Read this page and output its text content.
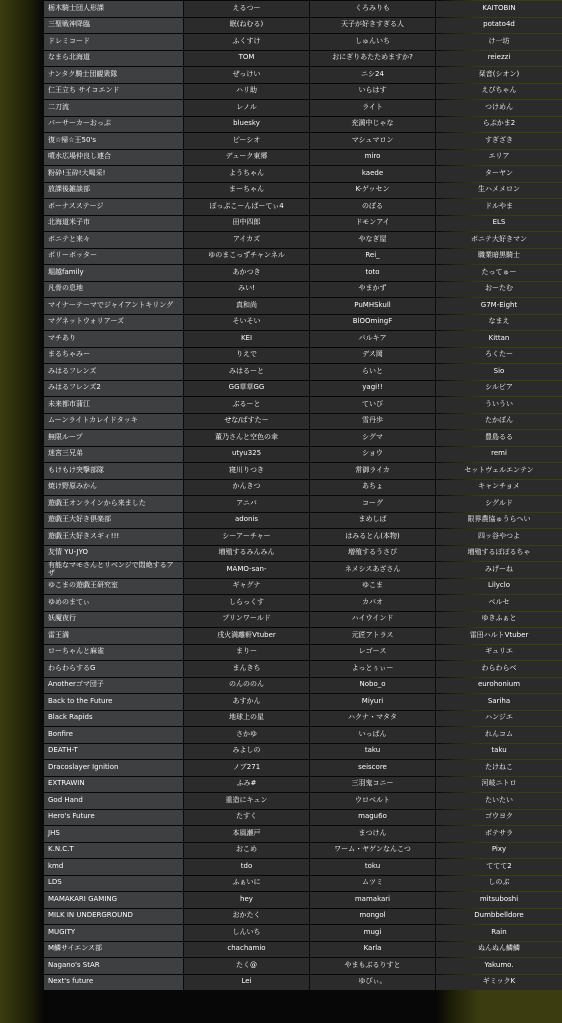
栃木騎士団人形課	えるつー	くろみりも	KAITOBIN
三聖戦神降臨	眠(ねむる)	天子が好きすぎる人	potato4d
ドレミコード	ふくすけ	しゅんいち	け一坊
なまら北海道	TOM	おにぎりあたためますか?	reiezzi
ナンタク騎士団観衆隊	ぜっけい	ニシ24	栞音(シオン)
仁王立ち サイコエンド	ハリ助	いらはす	えびちゃん
二刀流	レノル	ライト	つけめん
パーサーカーおっぷ	bluesky	充満中じゃな	らぷかま2
復☆帰☆王50's	ピーシオ	マシュマロン	すぎざき
噴水広場仲良し連合	デューク東郷	miro	エリア
粉砕!玉砕!大喝采!	ようちゃん	kaede	ターヤン
放課後雑談部	まーちゃん	K-ゲッセン	生ハメメロン
ボーナスステージ	ぽっぷこーんぱーてぃ4	のぼる	ドルやま
北海道米子市	田中四郎	ドモンアイ	ELS
ボニテと来々	アイカズ	やなぎ屋	ボニテ大好きマン
ポリーボッター	ゆのまこっずチャンネル	Rei_	職業暗黒騎士
堀越family	あかつき	toto	たってゅー
凡骨の息地	みい!	やまかず	おーたむ
マイナーテーマでジャイアントキリング	真和尚	PuMHSkull	G7M-Eight
マグネットウォリアーズ	そいそい	BlOOmingF	なまえ
マチあり	KEI	バルキア	Kittan
まるちゃみー	りえで	デス岡	ろくたー
みはるフレンズ	みはるーと	らいと	Sio
みはるフレンズ2	GG草草GG	yagi!!	シルビア
未来都市蒲江	ぶるーと	ていび	ういうい
ムーンライトカレイドタッキ	せな/ぱすたー	雪丹歩	たかぼん
無限ループ	董乃さんと空色の傘	シグマ	豊島るる
迷宮三兄弟	utyu325	ショウ	remi
もけもけ突撃部隊	寝川りつき	常御ライカ	セットヴェルエンテン
焼け野原みかん	かんきつ	あちょ	キャンチョメ
遊戯王オンラインから来ました	アニバ	コーグ	シグルド
遊戯王大好き倶楽部	adonis	まめしば	限界農協ゅうらへい
遊戯王大好きスギィ!!!	シーアーチャー	はみるとん(本物)	四ッ谷やつよ
友情 YU-JYO	増殖するみんみん	増殖するうさぴ	増殖するぽぽるちゃ
有能なマモさんとリベンジで悶絶するアザ	MAMO-san-	ネメシスあざさん	みげーね
ゆこまの遊戯王研究室	ギャグナ	ゆこま	Lilyclo
ゆめのまてぃ	しらっくす	カバオ	ベルセ
妖魔夜行	プリンワールド	ハイウインド	ゆきふぁと
雷王満	戌火満離軒Vtuber	元匠アトラス	雷田ハルトVtuber
ローちゃんと麻雀	まりー	レゴース	ギュリエ
わらわらするG	まんきち	よっとぅぃー	わらわらべ
Anotherゴマ団子	のんののん	Nobo_o	eurohonium
Back to the Future	あすかん	Miyuri	Sariha
Black Rapids	地球上の星	ハクナ・マタタ	ハンジエ
Bonfire	さかゆ	いっぱん	れんコム
DEATH-T	みよしの	taku	taku
Dracoslayer Ignition	ノブ271	seiscore	たけねこ
EXTRAWIN	ふみ#	三羽鬼コニー	河岐ニトロ
God Hand	重造にキュン	ウロベルト	たいたい
Hero's Future	たすく	magu6o	ゴウヨク
JHS	本風瀬戸	まつけん	ポテサラ
K.N.C.T	おこめ	ワーム・ヤゲンなんこつ	Pixy
kmd	tdo	toku	ててて2
LDS	ふぁいに	ムツミ	しのぶ
MAMAKARI GAMING	hey	mamakari	mitsuboshi
MILK IN UNDERGROUND	おかたく	mongol	Dumbbelldore
MUGITY	しんいち	mugi	Rain
M鱗サイエンス部	chachamio	Karla	ぬんぬん鱗鱗
Nagano's StAR	たく@	やまもぶるりすと	Yakumo.
Next's future	Lei	ゆぴぃ。	ギミックK
